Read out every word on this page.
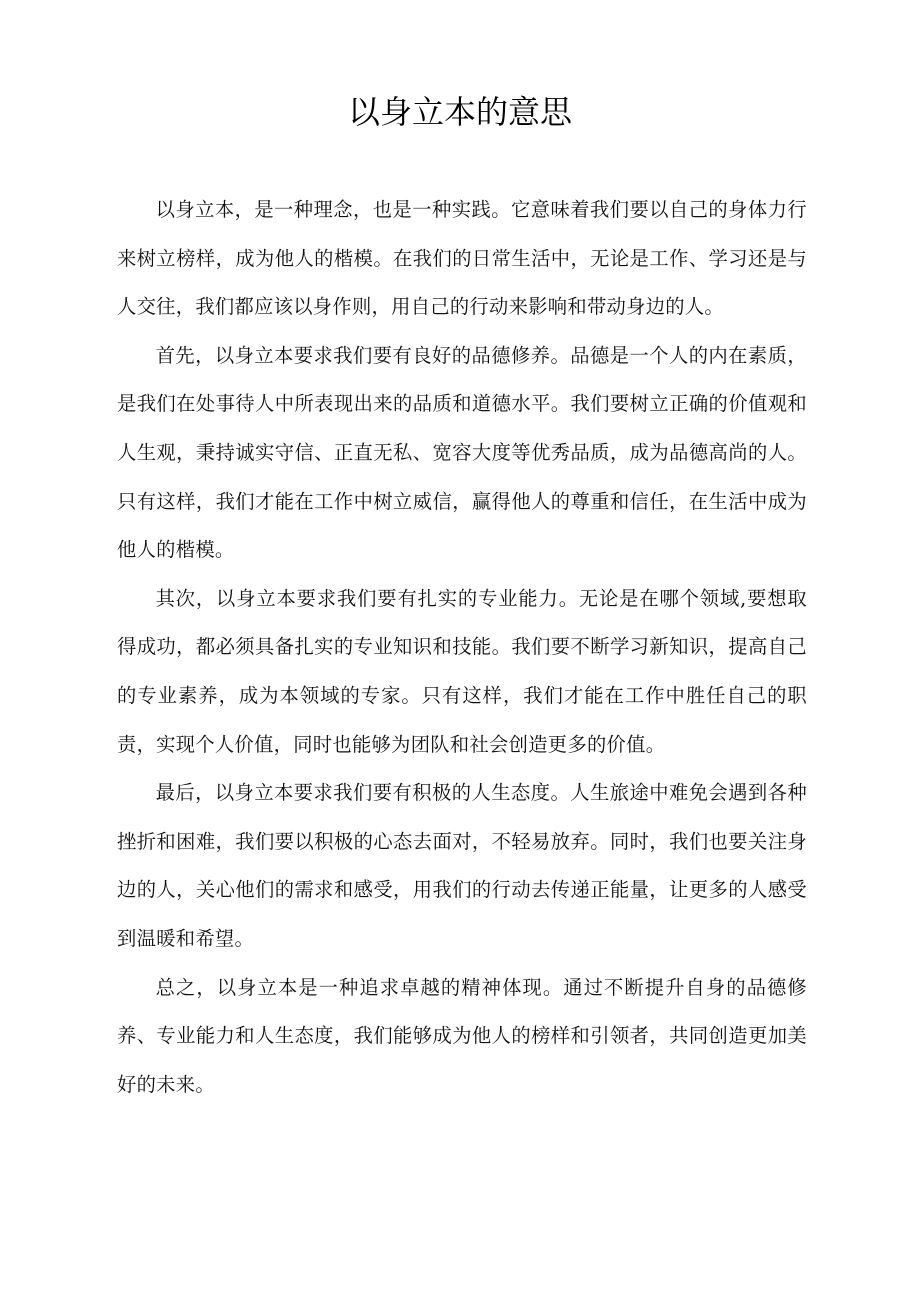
以身立本的意思

以身立本，是一种理念，也是一种实践。它意味着我们要以自己的身体力行来树立榜样，成为他人的楷模。在我们的日常生活中，无论是工作、学习还是与人交往，我们都应该以身作则，用自己的行动来影响和带动身边的人。

首先，以身立本要求我们要有良好的品德修养。品德是一个人的内在素质，是我们在处事待人中所表现出来的品质和道德水平。我们要树立正确的价值观和人生观，秉持诚实守信、正直无私、宽容大度等优秀品质，成为品德高尚的人。只有这样，我们才能在工作中树立威信，赢得他人的尊重和信任，在生活中成为他人的楷模。

其次，以身立本要求我们要有扎实的专业能力。无论是在哪个领域,要想取得成功，都必须具备扎实的专业知识和技能。我们要不断学习新知识，提高自己的专业素养，成为本领域的专家。只有这样，我们才能在工作中胜任自己的职责，实现个人价值，同时也能够为团队和社会创造更多的价值。

最后，以身立本要求我们要有积极的人生态度。人生旅途中难免会遇到各种挫折和困难，我们要以积极的心态去面对，不轻易放弃。同时，我们也要关注身边的人，关心他们的需求和感受，用我们的行动去传递正能量，让更多的人感受到温暖和希望。

总之，以身立本是一种追求卓越的精神体现。通过不断提升自身的品德修养、专业能力和人生态度，我们能够成为他人的榜样和引领者，共同创造更加美好的未来。
